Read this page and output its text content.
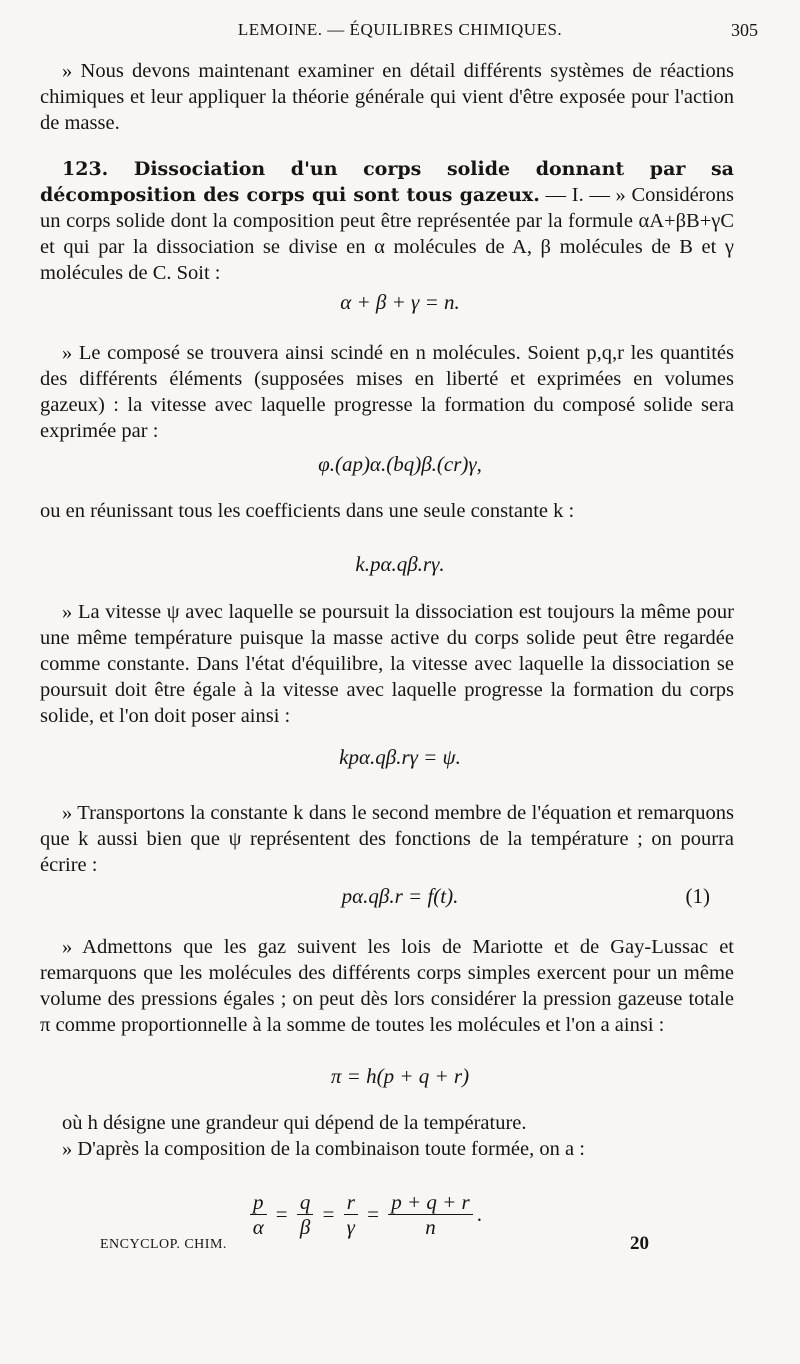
LEMOINE. — ÉQUILIBRES CHIMIQUES.	305
» Nous devons maintenant examiner en détail différents systèmes de réactions chimiques et leur appliquer la théorie générale qui vient d'être exposée pour l'action de masse.
123. Dissociation d'un corps solide donnant par sa décomposition des corps qui sont tous gazeux. — I. — » Considérons un corps solide dont la composition peut être représentée par la formule αA+βB+γC et qui par la dissociation se divise en α molécules de A, β molécules de B et γ molécules de C. Soit :
α + β + γ = n.
» Le composé se trouvera ainsi scindé en n molécules. Soient p,q,r les quantités des différents éléments (supposées mises en liberté et exprimées en volumes gazeux) : la vitesse avec laquelle progresse la formation du composé solide sera exprimée par :
φ.(ap)α.(bq)β.(cr)γ,
ou en réunissant tous les coefficients dans une seule constante k :
k.pα.qβ.rγ.
» La vitesse ψ avec laquelle se poursuit la dissociation est toujours la même pour une même température puisque la masse active du corps solide peut être regardée comme constante. Dans l'état d'équilibre, la vitesse avec laquelle la dissociation se poursuit doit être égale à la vitesse avec laquelle progresse la formation du corps solide, et l'on doit poser ainsi :
kpα.qβ.rγ = ψ.
» Transportons la constante k dans le second membre de l'équation et remarquons que k aussi bien que ψ représentent des fonctions de la température ; on pourra écrire :
pα.qβ.r = f(t).	(1)
» Admettons que les gaz suivent les lois de Mariotte et de Gay-Lussac et remarquons que les molécules des différents corps simples exercent pour un même volume des pressions égales ; on peut dès lors considérer la pression gazeuse totale π comme proportionnelle à la somme de toutes les molécules et l'on a ainsi :
π = h(p + q + r)
où h désigne une grandeur qui dépend de la température.
» D'après la composition de la combinaison toute formée, on a :
$\frac{p}{\alpha} = \frac{q}{\beta} = \frac{r}{\gamma} = \frac{p + q + r}{n}$ .
ENCYCLOP. CHIM.	20
